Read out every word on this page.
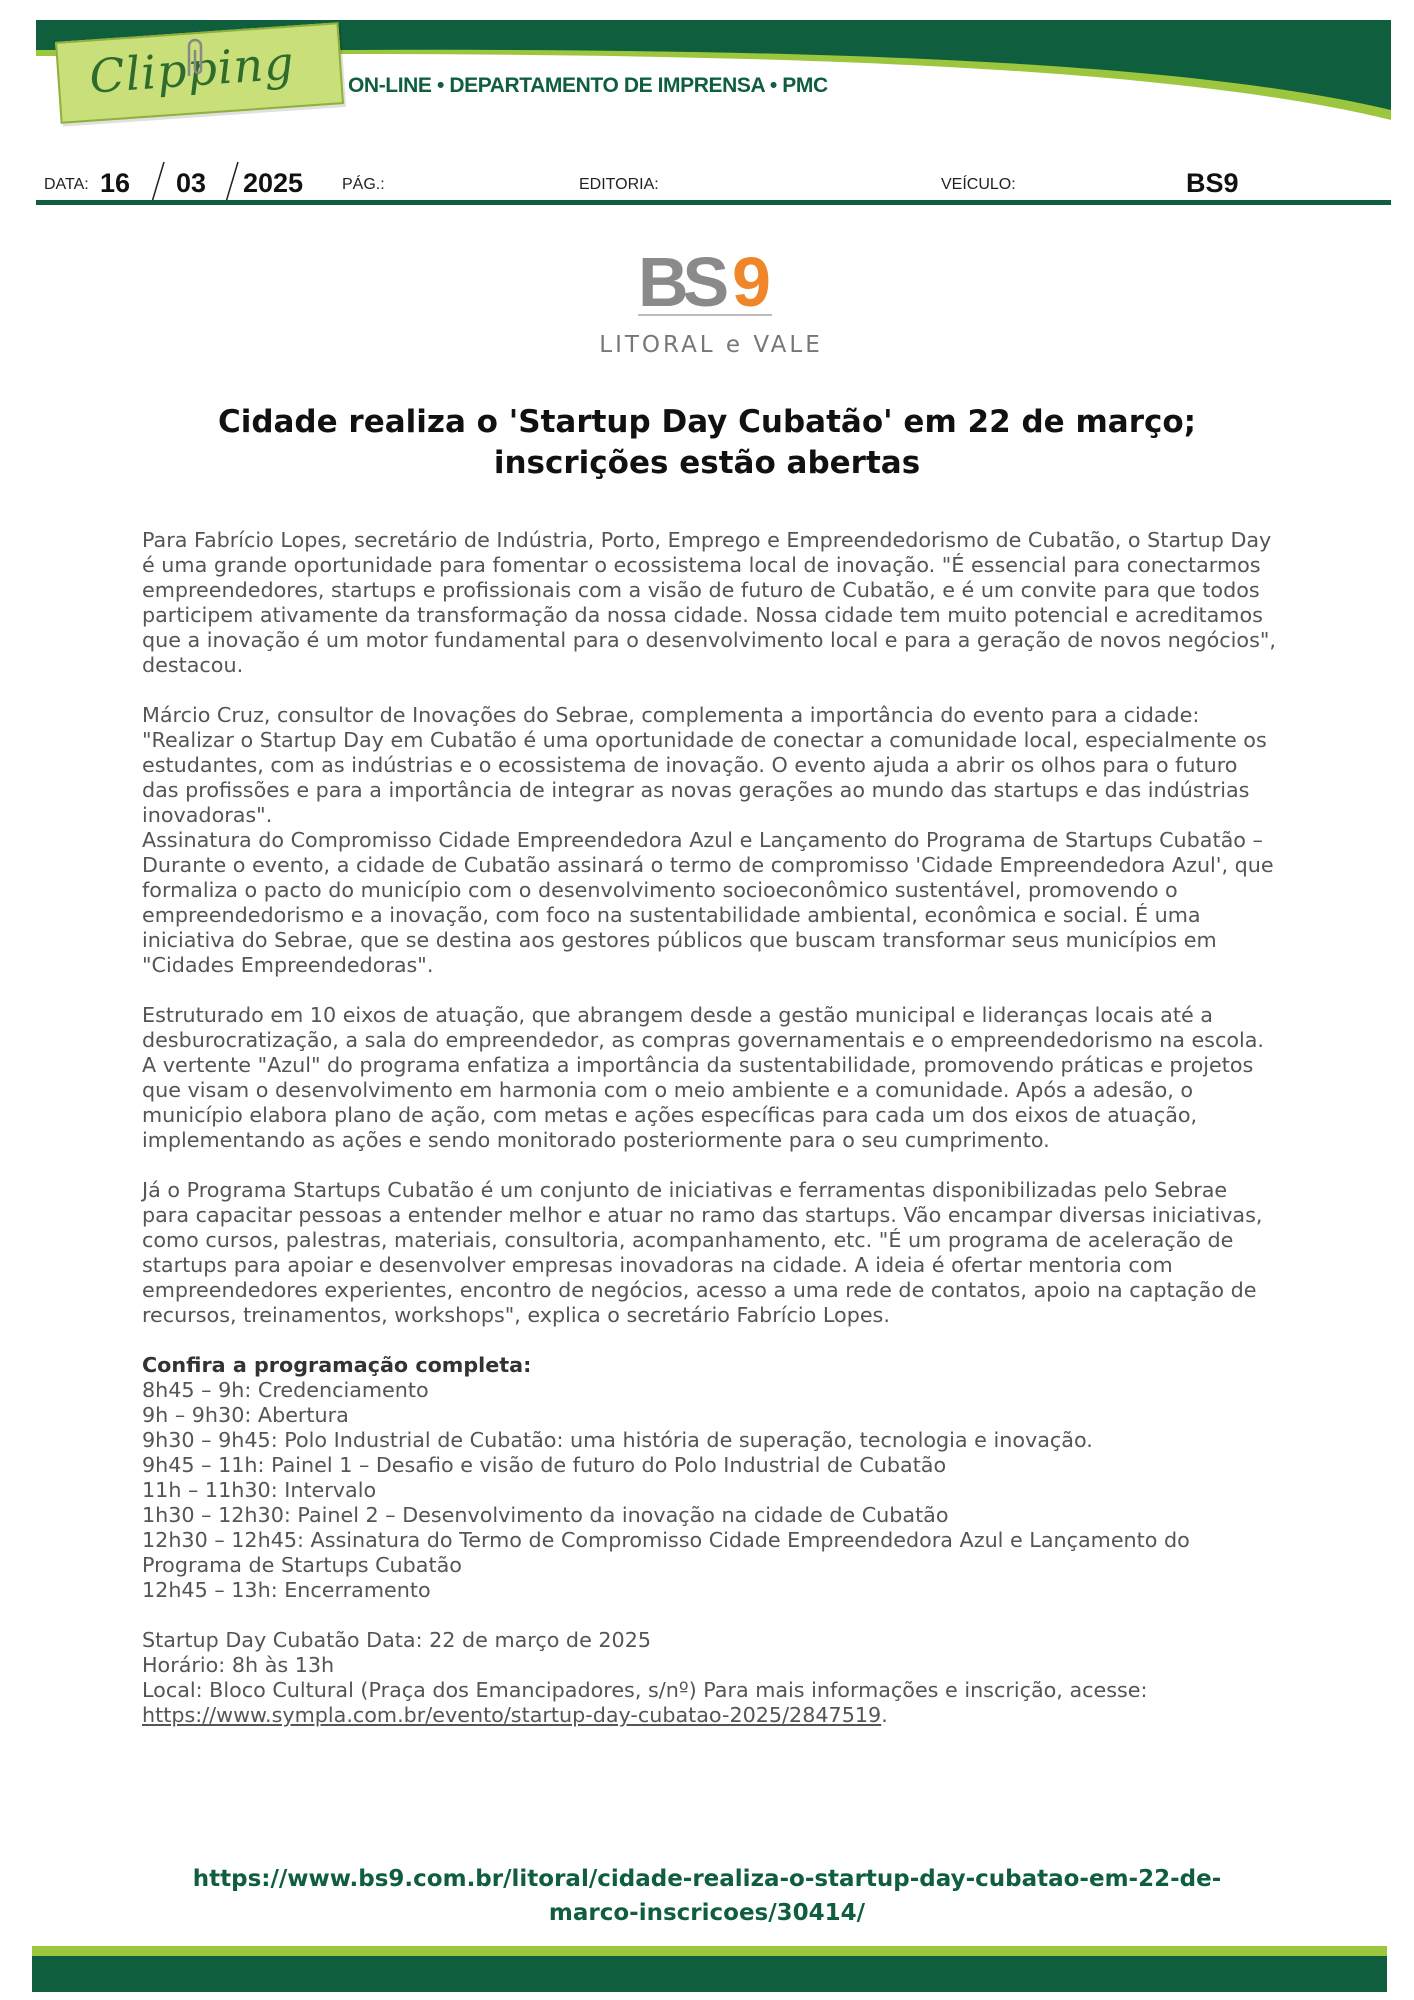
Clipping ON-LINE • DEPARTAMENTO DE IMPRENSA • PMC
DATA: 16 03 2025 PÁG.:	EDITORIA:	VEÍCULO:	BS9
BS 9
LITORAL e VALE
Cidade realiza o 'Startup Day Cubatão' em 22 de março; inscrições estão abertas

Para Fabrício Lopes, secretário de Indústria, Porto, Emprego e Empreendedorismo de Cubatão, o Startup Day é uma grande oportunidade para fomentar o ecossistema local de inovação. "É essencial para conectarmos empreendedores, startups e profissionais com a visão de futuro de Cubatão, e é um convite para que todos participem ativamente da transformação da nossa cidade. Nossa cidade tem muito potencial e acreditamos que a inovação é um motor fundamental para o desenvolvimento local e para a geração de novos negócios", destacou.

Márcio Cruz, consultor de Inovações do Sebrae, complementa a importância do evento para a cidade: "Realizar o Startup Day em Cubatão é uma oportunidade de conectar a comunidade local, especialmente os estudantes, com as indústrias e o ecossistema de inovação. O evento ajuda a abrir os olhos para o futuro das profissões e para a importância de integrar as novas gerações ao mundo das startups e das indústrias inovadoras".

Assinatura do Compromisso Cidade Empreendedora Azul e Lançamento do Programa de Startups Cubatão – Durante o evento, a cidade de Cubatão assinará o termo de compromisso 'Cidade Empreendedora Azul', que formaliza o pacto do município com o desenvolvimento socioeconômico sustentável, promovendo o empreendedorismo e a inovação, com foco na sustentabilidade ambiental, econômica e social. É uma iniciativa do Sebrae, que se destina aos gestores públicos que buscam transformar seus municípios em "Cidades Empreendedoras".

Estruturado em 10 eixos de atuação, que abrangem desde a gestão municipal e lideranças locais até a desburocratização, a sala do empreendedor, as compras governamentais e o empreendedorismo na escola. A vertente "Azul" do programa enfatiza a importância da sustentabilidade, promovendo práticas e projetos que visam o desenvolvimento em harmonia com o meio ambiente e a comunidade. Após a adesão, o município elabora plano de ação, com metas e ações específicas para cada um dos eixos de atuação, implementando as ações e sendo monitorado posteriormente para o seu cumprimento.

Já o Programa Startups Cubatão é um conjunto de iniciativas e ferramentas disponibilizadas pelo Sebrae para capacitar pessoas a entender melhor e atuar no ramo das startups. Vão encampar diversas iniciativas, como cursos, palestras, materiais, consultoria, acompanhamento, etc. "É um programa de aceleração de startups para apoiar e desenvolver empresas inovadoras na cidade. A ideia é ofertar mentoria com empreendedores experientes, encontro de negócios, acesso a uma rede de contatos, apoio na captação de recursos, treinamentos, workshops", explica o secretário Fabrício Lopes.

Confira a programação completa:

8h45 – 9h: Credenciamento

9h – 9h30: Abertura

9h30 – 9h45: Polo Industrial de Cubatão: uma história de superação, tecnologia e inovação.

9h45 – 11h: Painel 1 – Desafio e visão de futuro do Polo Industrial de Cubatão

11h – 11h30: Intervalo

1h30 – 12h30: Painel 2 – Desenvolvimento da inovação na cidade de Cubatão

12h30 – 12h45: Assinatura do Termo de Compromisso Cidade Empreendedora Azul e Lançamento do Programa de Startups Cubatão

12h45 – 13h: Encerramento

Startup Day Cubatão Data: 22 de março de 2025

Horário: 8h às 13h

Local: Bloco Cultural (Praça dos Emancipadores, s/nº) Para mais informações e inscrição, acesse:

https://www.sympla.com.br/evento/startup-day-cubatao-2025/2847519.

https://www.bs9.com.br/litoral/cidade-realiza-o-startup-day-cubatao-em-22-de-marco-inscricoes/30414/
